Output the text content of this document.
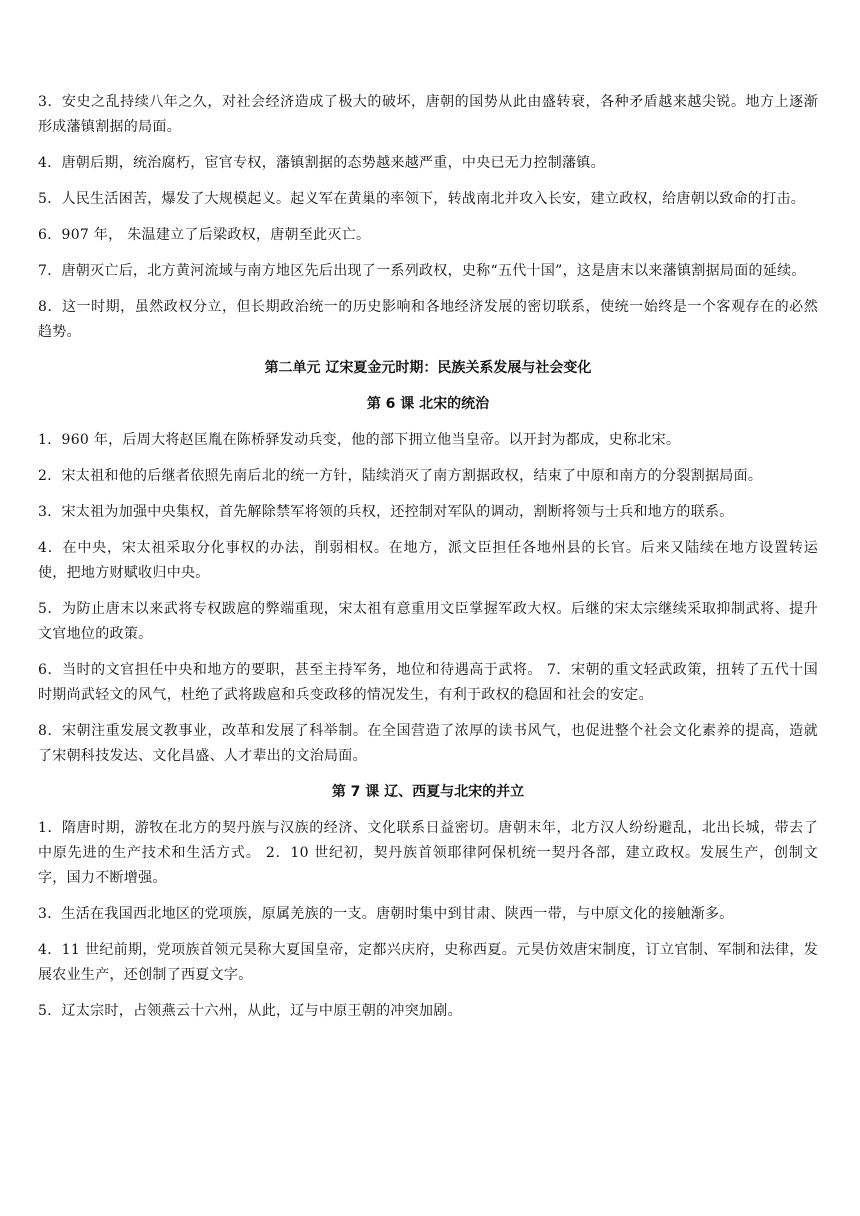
3．安史之乱持续八年之久，对社会经济造成了极大的破坏，唐朝的国势从此由盛转衰，各种矛盾越来越尖锐。地方上逐渐形成藩镇割据的局面。

4．唐朝后期，统治腐朽，宦官专权，藩镇割据的态势越来越严重，中央已无力控制藩镇。

5．人民生活困苦，爆发了大规模起义。起义军在黄巢的率领下，转战南北并攻入长安，建立政权，给唐朝以致命的打击。

6．907 年， 朱温建立了后梁政权，唐朝至此灭亡。

7．唐朝灭亡后，北方黄河流域与南方地区先后出现了一系列政权，史称“五代十国”，这是唐末以来藩镇割据局面的延续。

8．这一时期，虽然政权分立，但长期政治统一的历史影响和各地经济发展的密切联系，使统一始终是一个客观存在的必然趋势。

第二单元 辽宋夏金元时期：民族关系发展与社会变化
第 6 课 北宋的统治

1．960 年，后周大将赵匡胤在陈桥驿发动兵变，他的部下拥立他当皇帝。以开封为都成，史称北宋。

2．宋太祖和他的后继者依照先南后北的统一方针，陆续消灭了南方割据政权，结束了中原和南方的分裂割据局面。

3．宋太祖为加强中央集权，首先解除禁军将领的兵权，还控制对军队的调动，割断将领与士兵和地方的联系。

4．在中央，宋太祖采取分化事权的办法，削弱相权。在地方，派文臣担任各地州县的长官。后来又陆续在地方设置转运使，把地方财赋收归中央。

5．为防止唐末以来武将专权跋扈的弊端重现，宋太祖有意重用文臣掌握军政大权。后继的宋太宗继续采取抑制武将、提升文官地位的政策。

6．当时的文官担任中央和地方的要职，甚至主持军务，地位和待遇高于武将。 7．宋朝的重文轻武政策，扭转了五代十国时期尚武轻文的风气，杜绝了武将跋扈和兵变政移的情况发生，有利于政权的稳固和社会的安定。

8．宋朝注重发展文教事业，改革和发展了科举制。在全国营造了浓厚的读书风气，也促进整个社会文化素养的提高，造就了宋朝科技发达、文化昌盛、人才辈出的文治局面。

第 7 课 辽、西夏与北宋的并立

1．隋唐时期，游牧在北方的契丹族与汉族的经济、文化联系日益密切。唐朝末年，北方汉人纷纷避乱，北出长城，带去了中原先进的生产技术和生活方式。 2．10 世纪初，契丹族首领耶律阿保机统一契丹各部，建立政权。发展生产，创制文字，国力不断增强。

3．生活在我国西北地区的党项族，原属羌族的一支。唐朝时集中到甘肃、陕西一带，与中原文化的接触渐多。

4．11 世纪前期，党项族首领元昊称大夏国皇帝，定都兴庆府，史称西夏。元昊仿效唐宋制度，订立官制、军制和法律，发展农业生产，还创制了西夏文字。

5．辽太宗时，占领燕云十六州，从此，辽与中原王朝的冲突加剧。
